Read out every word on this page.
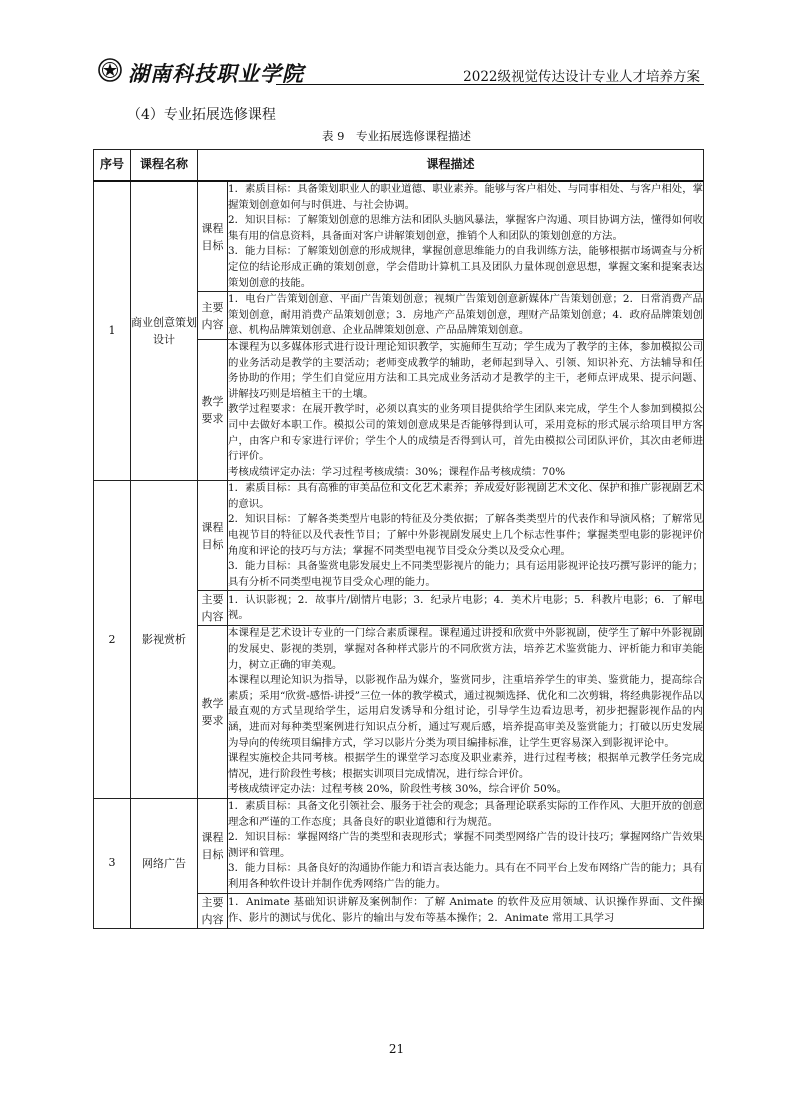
湖南科技职业学院	2022级视觉传达设计专业人才培养方案
（4）专业拓展选修课程
表 9　专业拓展选修课程描述
序号	课程名称	课程描述	
1	商业创意策划设计	课程目标	1．素质目标：具备策划职业人的职业道德、职业素养。能够与客户相处、与同事相处、与客户相处，掌握策划创意如何与时俱进、与社会协调。
2．知识目标：了解策划创意的思维方法和团队头脑风暴法，掌握客户沟通、项目协调方法，懂得如何收集有用的信息资料，具备面对客户讲解策划创意，推销个人和团队的策划创意的方法。
3．能力目标：了解策划创意的形成规律，掌握创意思维能力的自我训练方法，能够根据市场调查与分析定位的结论形成正确的策划创意，学会借助计算机工具及团队力量体现创意思想，掌握文案和提案表达策划创意的技能。

		主要内容	1．电台广告策划创意、平面广告策划创意；视频广告策划创意新媒体广告策划创意；2．日常消费产品策划创意，耐用消费产品策划创意；3．房地产产品策划创意，理财产品策划创意；4．政府品牌策划创意、机构品牌策划创意、企业品牌策划创意、产品品牌策划创意。

		教学要求	本课程为以多媒体形式进行设计理论知识教学，实施师生互动；学生成为了教学的主体，参加模拟公司的业务活动是教学的主要活动；老师变成教学的辅助，老师起到导入、引领、知识补充、方法辅导和任务协助的作用；学生们自觉应用方法和工具完成业务活动才是教学的主干，老师点评成果、提示问题、讲解技巧则是培植主干的土壤。
教学过程要求：在展开教学时，必须以真实的业务项目提供给学生团队来完成，学生个人参加到模拟公司中去做好本职工作。模拟公司的策划创意成果是否能够得到认可，采用竞标的形式展示给项目甲方客户，由客户和专家进行评价；学生个人的成绩是否得到认可，首先由模拟公司团队评价，其次由老师进行评价。
考核成绩评定办法：学习过程考核成绩：30%；课程作品考核成绩：70%

2	影视赏析	课程目标	1．素质目标：具有高雅的审美品位和文化艺术素养；养成爱好影视剧艺术文化、保护和推广影视剧艺术的意识。
2．知识目标：了解各类类型片电影的特征及分类依据；了解各类类型片的代表作和导演风格；了解常见电视节目的特征以及代表性节目；了解中外影视剧发展史上几个标志性事件；掌握类型电影的影视评价角度和评论的技巧与方法；掌握不同类型电视节目受众分类以及受众心理。
3．能力目标：具备鉴赏电影发展史上不同类型影视片的能力；具有运用影视评论技巧撰写影评的能力；具有分析不同类型电视节目受众心理的能力。

		主要内容	1．认识影视；2．故事片/剧情片电影；3．纪录片电影；4．美术片电影；5．科教片电影；6．了解电视。

		教学要求	本课程是艺术设计专业的一门综合素质课程。课程通过讲授和欣赏中外影视剧，使学生了解中外影视剧的发展史、影视的类别，掌握对各种样式影片的不同欣赏方法，培养艺术鉴赏能力、评析能力和审美能力，树立正确的审美观。
本课程以理论知识为指导，以影视作品为媒介，鉴赏同步，注重培养学生的审美、鉴赏能力，提高综合素质；采用“欣赏-感悟-讲授”三位一体的教学模式，通过视频选择、优化和二次剪辑，将经典影视作品以最直观的方式呈现给学生，运用启发诱导和分组讨论，引导学生边看边思考，初步把握影视作品的内涵，进而对每种类型案例进行知识点分析，通过写观后感，培养提高审美及鉴赏能力；打破以历史发展为导向的传统项目编排方式，学习以影片分类为项目编排标准，让学生更容易深入到影视评论中。
课程实施校企共同考核。根据学生的课堂学习态度及职业素养，进行过程考核；根据单元教学任务完成情况，进行阶段性考核；根据实训项目完成情况，进行综合评价。
考核成绩评定办法：过程考核 20%，阶段性考核 30%，综合评价 50%。

3	网络广告	课程目标	1．素质目标：具备文化引领社会、服务于社会的观念；具备理论联系实际的工作作风、大胆开放的创意理念和严谨的工作态度；具备良好的职业道德和行为规范。
2．知识目标：掌握网络广告的类型和表现形式；掌握不同类型网络广告的设计技巧；掌握网络广告效果测评和管理。
3．能力目标：具备良好的沟通协作能力和语言表达能力。具有在不同平台上发布网络广告的能力；具有利用各种软件设计并制作优秀网络广告的能力。

		主要内容	1．Animate 基础知识讲解及案例制作：了解 Animate 的软件及应用领域、认识操作界面、文件操作、影片的测试与优化、影片的输出与发布等基本操作；2．Animate 常用工具学习
21
